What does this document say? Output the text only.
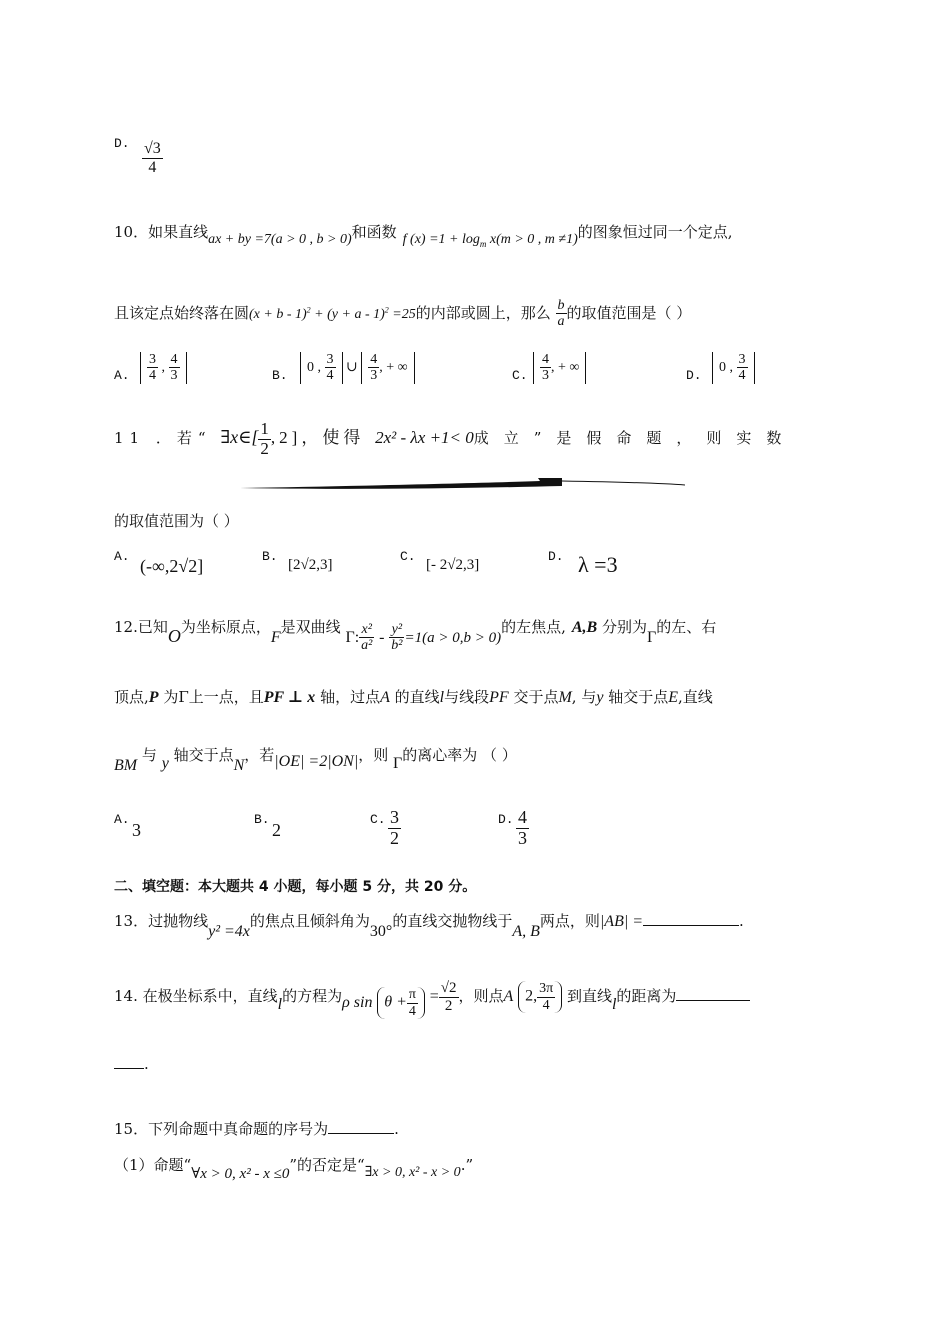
D. $\frac{√3}{4}$
10．如果直线ax + by =7(a > 0 , b > 0)和函数 f $(x) =1 + \log_m x(m > 0$ , m ≠1)的图象恒过同一个定点,
且该定点始终落在圆$(x + b - 1)^2 + (y + a - 1)^2 =25$的内部或圆上，那么 $\frac{b}{a}$ 的取值范围是（ ）
A. $\frac{3}{4}$ , $\frac{4}{3}$	B.
0 , $\frac{3}{4}$ ∪ $\frac{4}{3}$ , + ∞
C. $\frac{4}{3}$ , + ∞
D.
0 , $\frac{3}{4}$
11 ．若“ ∃x∈[ $\frac{1}{2} ,2$]，使得 2x² - λx +1< 0成立”是假命题，则实数
的取值范围为（ ）
A. (-∞,2√2]	B.
[2√2,3]
C.
[- 2√2,3]
D. λ =3
12.已知O为坐标原点，F是双曲线 Γ: $\frac{\text{x²}}{\text{a²}} - \frac{\text{y²}}{\text{b²}} =1(a > 0,b > 0)$的左焦点, A,B 分别为Γ的左、右
顶点,P 为Γ上一点，且PF ⊥ x 轴，过点A 的直线l与线段PF 交于点M, 与y 轴交于点E,直线
BM 与 y 轴交于点N，若|OE| =2|ON|，则 Γ的离心率为 （ ）
A.
3
B.
2
C. $\frac{3}{2}$	D. $\frac{4}{3}$
二、填空题：本大题共 4 小题，每小题 5 分，共 20 分。
13．过抛物线y² =4x的焦点且倾斜角为30°的直线交抛物线于A, B两点，则|AB| =	.
14. 在极坐标系中，直线l的方程为ρ $\sin \theta + \frac{\pi}{4} = \frac{√2}{2}$ ，则点A 2, $\frac{3\pi}{4}$ 到直线l的距离为
.
15．下列命题中真命题的序号为	.
（1）命题“∀x > 0, x² - x ≤0”的否定是“∃x > 0, x² - x > 0.”
